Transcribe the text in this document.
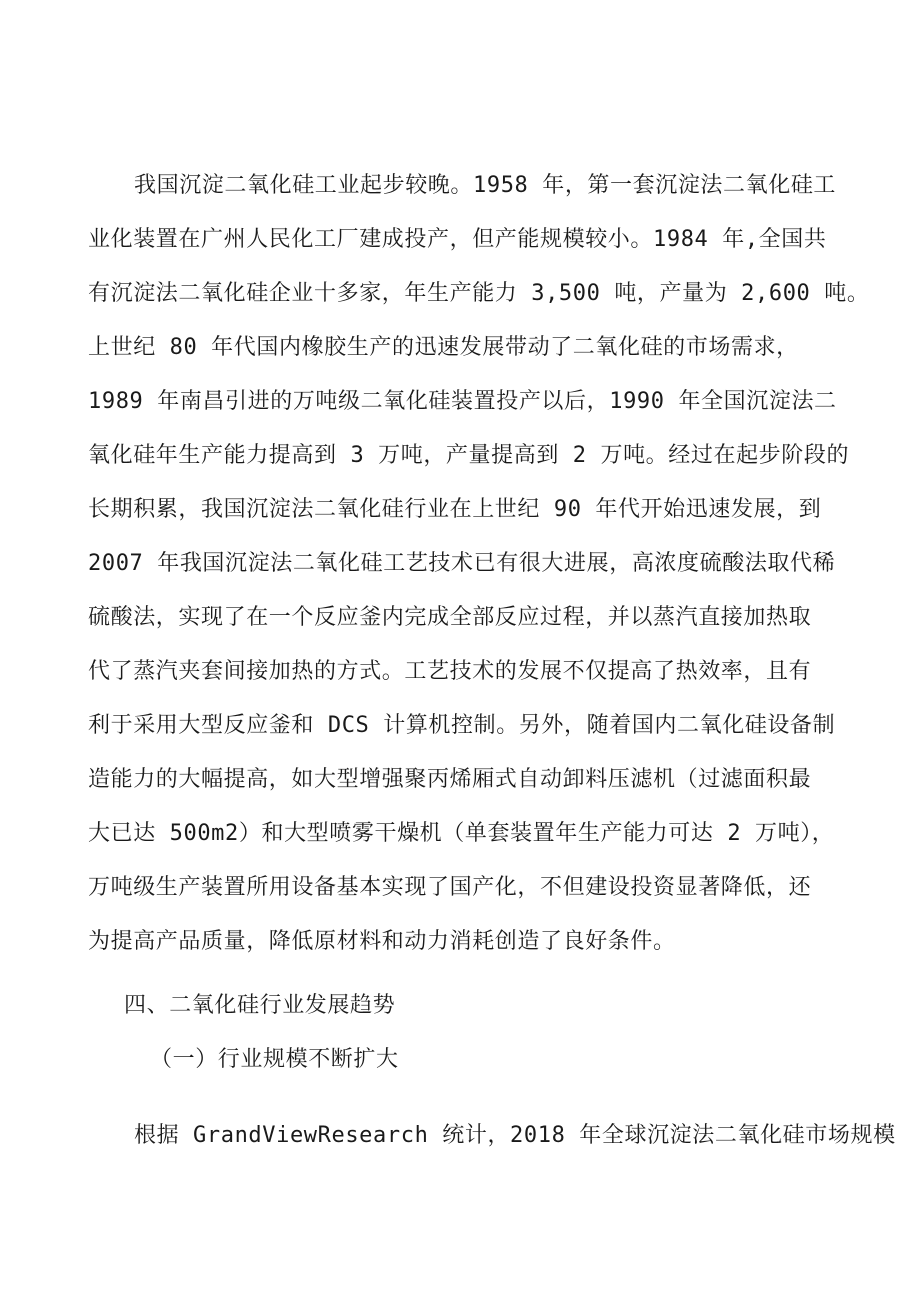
我国沉淀二氧化硅工业起步较晚。1958 年，第一套沉淀法二氧化硅工
业化装置在广州人民化工厂建成投产，但产能规模较小。1984 年,全国共
有沉淀法二氧化硅企业十多家，年生产能力 3,500 吨，产量为 2,600 吨。
上世纪 80 年代国内橡胶生产的迅速发展带动了二氧化硅的市场需求，
1989 年南昌引进的万吨级二氧化硅装置投产以后，1990 年全国沉淀法二
氧化硅年生产能力提高到 3 万吨，产量提高到 2 万吨。经过在起步阶段的
长期积累，我国沉淀法二氧化硅行业在上世纪 90 年代开始迅速发展，到
2007 年我国沉淀法二氧化硅工艺技术已有很大进展，高浓度硫酸法取代稀
硫酸法，实现了在一个反应釜内完成全部反应过程，并以蒸汽直接加热取
代了蒸汽夹套间接加热的方式。工艺技术的发展不仅提高了热效率，且有
利于采用大型反应釜和 DCS 计算机控制。另外，随着国内二氧化硅设备制
造能力的大幅提高，如大型增强聚丙烯厢式自动卸料压滤机（过滤面积最
大已达 500m2）和大型喷雾干燥机（单套装置年生产能力可达 2 万吨），
万吨级生产装置所用设备基本实现了国产化，不但建设投资显著降低，还
为提高产品质量，降低原材料和动力消耗创造了良好条件。
四、二氧化硅行业发展趋势
（一）行业规模不断扩大
根据 GrandViewResearch 统计，2018 年全球沉淀法二氧化硅市场规模
